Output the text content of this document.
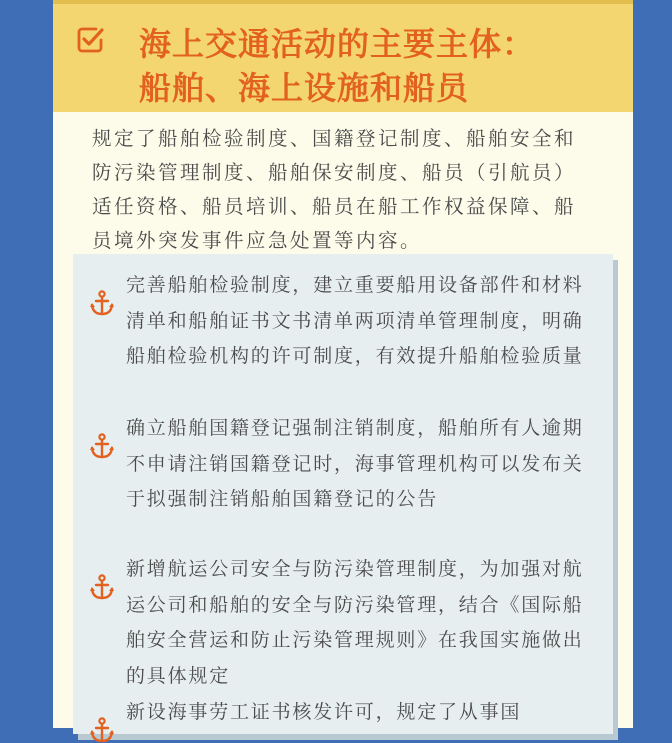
海上交通活动的主要主体：
船舶、海上设施和船员

规定了船舶检验制度、国籍登记制度、船舶安全和防污染管理制度、船舶保安制度、船员（引航员）适任资格、船员培训、船员在船工作权益保障、船员境外突发事件应急处置等内容。

完善船舶检验制度，建立重要船用设备部件和材料清单和船舶证书文书清单两项清单管理制度，明确船舶检验机构的许可制度，有效提升船舶检验质量

确立船舶国籍登记强制注销制度，船舶所有人逾期不申请注销国籍登记时，海事管理机构可以发布关于拟强制注销船舶国籍登记的公告

新增航运公司安全与防污染管理制度，为加强对航运公司和船舶的安全与防污染管理，结合《国际船舶安全营运和防止污染管理规则》在我国实施做出的具体规定

新设海事劳工证书核发许可，规定了从事国
